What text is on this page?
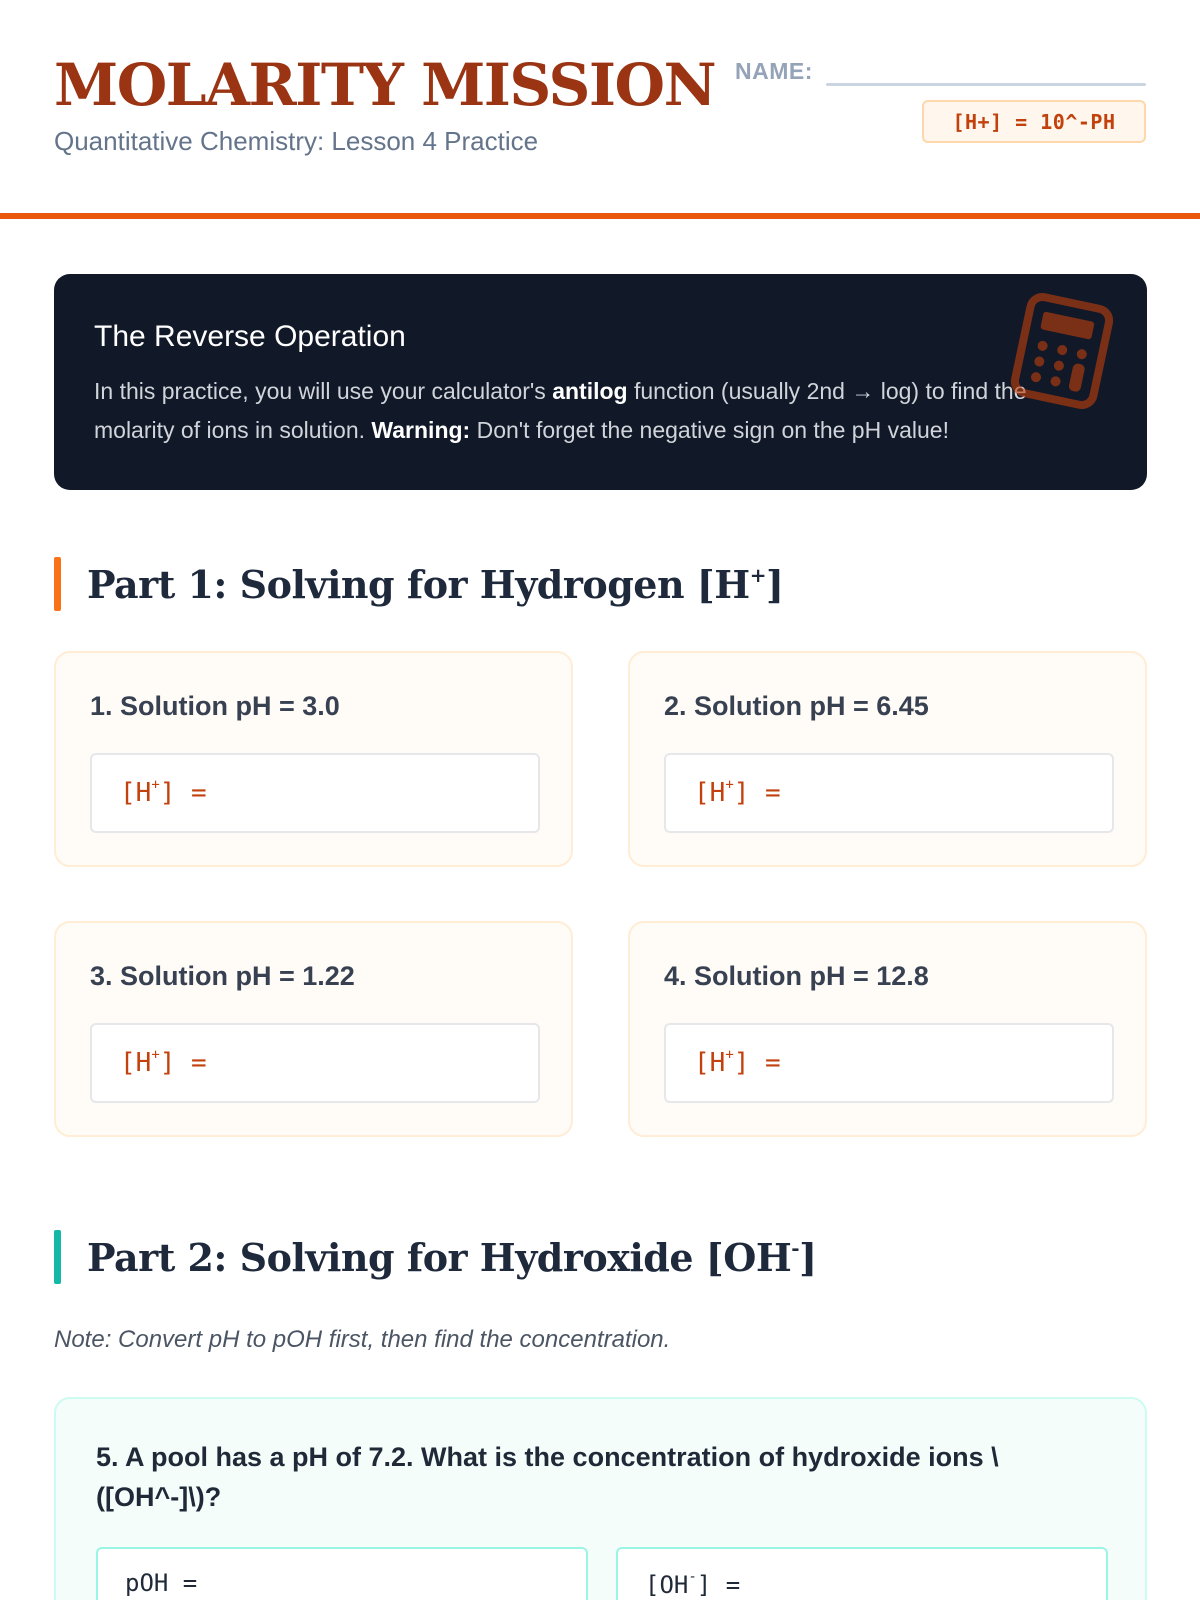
MOLARITY MISSION
Quantitative Chemistry: Lesson 4 Practice
NAME:
[H+] = 10^-PH
The Reverse Operation
In this practice, you will use your calculator's antilog function (usually 2nd → log) to find the molarity of ions in solution. Warning: Don't forget the negative sign on the pH value!
Part 1: Solving for Hydrogen [H+]
1. Solution pH = 3.0
[H+] =
2. Solution pH = 6.45
[H+] =
3. Solution pH = 1.22
[H+] =
4. Solution pH = 12.8
[H+] =
Part 2: Solving for Hydroxide [OH-]
Note: Convert pH to pOH first, then find the concentration.
5. A pool has a pH of 7.2. What is the concentration of hydroxide ions \([OH^-]\)?
pOH =	[OH-] =
